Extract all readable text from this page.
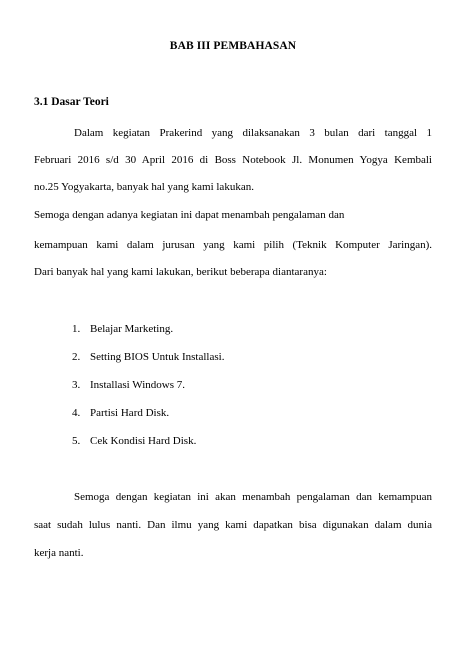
BAB III PEMBAHASAN
3.1 Dasar Teori
Dalam kegiatan Prakerind yang dilaksanakan 3 bulan dari tanggal 1
Februari 2016 s/d 30 April 2016 di Boss Notebook Jl. Monumen Yogya Kembali
no.25 Yogyakarta, banyak hal yang kami lakukan.
Semoga dengan adanya kegiatan ini dapat menambah pengalaman dan
kemampuan kami dalam jurusan yang kami pilih (Teknik Komputer Jaringan).
Dari banyak hal yang kami lakukan, berikut beberapa diantaranya:
1. Belajar Marketing.
2. Setting BIOS Untuk Installasi.
3. Installasi Windows 7.
4. Partisi Hard Disk.
5. Cek Kondisi Hard Disk.
Semoga dengan kegiatan ini akan menambah pengalaman dan kemampuan
saat sudah lulus nanti. Dan ilmu yang kami dapatkan bisa digunakan dalam dunia
kerja nanti.
